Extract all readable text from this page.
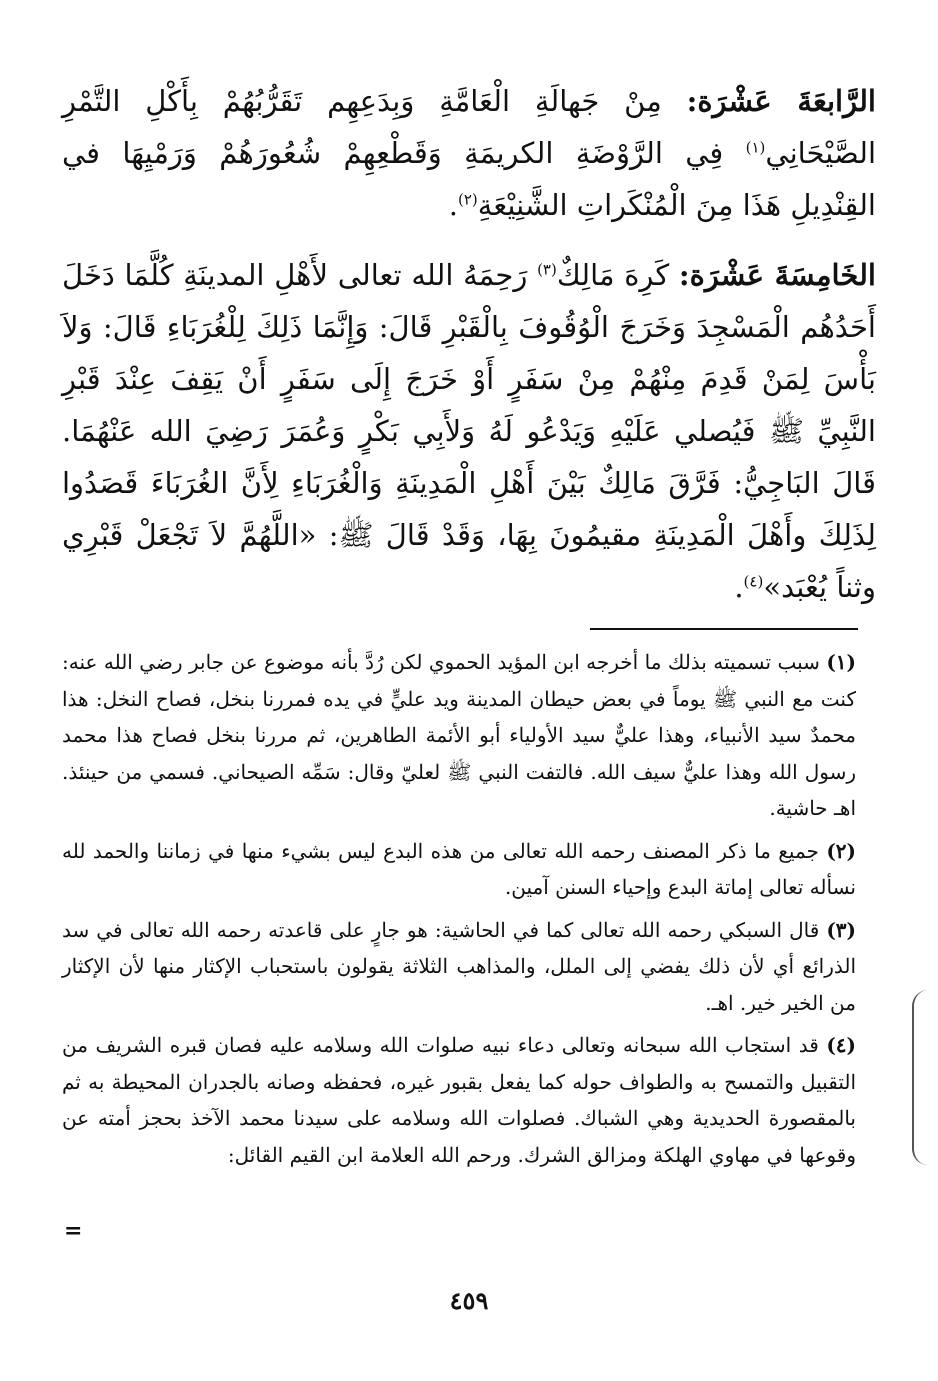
الرَّابعَةَ عَشْرَة: مِنْ جَهالَةِ الْعَامَّةِ وَبِدَعِهِم تَقَرُّبُهُمْ بِأَكْلِ التَّمْرِ الصَّيْحَانِي$^{(١)}$ فِي الرَّوْضَةِ الكريمَةِ وَقَطْعِهِمْ شُعُورَهُمْ وَرَمْيِهَا في القِنْدِيلِ هَذَا مِنَ الْمُنْكَراتِ الشَّنِيْعَةِ$^{(٢)}$.

الخَامِسَةَ عَشْرَة: كَرِهَ مَالِكٌ$^{(٣)}$ رَحِمَهُ الله تعالى لأَهْلِ المدينَةِ كُلَّمَا دَخَلَ أَحَدُهُم الْمَسْجِدَ وَخَرَجَ الْوُقُوفَ بِالْقَبْرِ قَالَ: وَإِنَّمَا ذَلِكَ لِلْغُرَبَاءِ قَالَ: وَلاَ بَأْسَ لِمَنْ قَدِمَ مِنْهُمْ مِنْ سَفَرٍ أَوْ خَرَجَ إِلَى سَفَرٍ أَنْ يَقِفَ عِنْدَ قَبْرِ النَّبِيِّ ﷺ فَيُصلي عَلَيْهِ وَيَدْعُو لَهُ وَلأَبِي بَكْرٍ وَعُمَرَ رَضِيَ الله عَنْهُمَا. قَالَ البَاجِيُّ: فَرَّقَ مَالِكٌ بَيْنَ أَهْلِ الْمَدِينَةِ وَالْغُرَبَاءِ لِأَنَّ الغُرَبَاءَ قَصَدُوا لِذَلِكَ وأَهْلَ الْمَدِينَةِ مقيمُونَ بِهَا، وَقَدْ قَالَ ﷺ: «اللَّهُمَّ لاَ تَجْعَلْ قَبْرِي وثناً يُعْبَد»$^{(٤)}$.

(١) سبب تسميته بذلك ما أخرجه ابن المؤيد الحموي لكن رُدَّ بأنه موضوع عن جابر رضي الله عنه: كنت مع النبي ﷺ يوماً في بعض حيطان المدينة ويد عليٍّ في يده فمررنا بنخل، فصاح النخل: هذا محمدٌ سيد الأنبياء، وهذا عليٌّ سيد الأولياء أبو الأئمة الطاهرين، ثم مررنا بنخل فصاح هذا محمد رسول الله وهذا عليٌّ سيف الله. فالتفت النبي ﷺ لعليّ وقال: سَمِّه الصيحاني. فسمي من حينئذ. اهـ حاشية.

(٢) جميع ما ذكر المصنف رحمه الله تعالى من هذه البدع ليس بشيء منها في زماننا والحمد لله نسأله تعالى إماتة البدع وإحياء السنن آمين.

(٣) قال السبكي رحمه الله تعالى كما في الحاشية: هو جارٍ على قاعدته رحمه الله تعالى في سد الذرائع أي لأن ذلك يفضي إلى الملل، والمذاهب الثلاثة يقولون باستحباب الإكثار منها لأن الإكثار من الخير خير. اهـ.

(٤) قد استجاب الله سبحانه وتعالى دعاء نبيه صلوات الله وسلامه عليه فصان قبره الشريف من التقبيل والتمسح به والطواف حوله كما يفعل بقبور غيره، فحفظه وصانه بالجدران المحيطة به ثم بالمقصورة الحديدية وهي الشباك. فصلوات الله وسلامه على سيدنا محمد الآخذ بحجز أمته عن وقوعها في مهاوي الهلكة ومزالق الشرك. ورحم الله العلامة ابن القيم القائل:

=
٤٥٩
